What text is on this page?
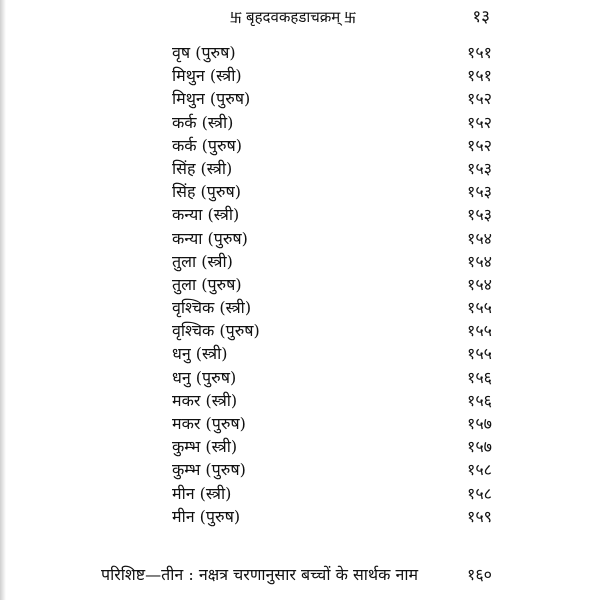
卐 बृहदवकहडाचक्रम् 卐	१३
वृष (पुरुष)	१५१
मिथुन (स्त्री)	१५१
मिथुन (पुरुष)	१५२
कर्क (स्त्री)	१५२
कर्क (पुरुष)	१५२
सिंह (स्त्री)	१५३
सिंह (पुरुष)	१५३
कन्या (स्त्री)	१५३
कन्या (पुरुष)	१५४
तुला (स्त्री)	१५४
तुला (पुरुष)	१५४
वृश्चिक (स्त्री)	१५५
वृश्चिक (पुरुष)	१५५
धनु (स्त्री)	१५५
धनु (पुरुष)	१५६
मकर (स्त्री)	१५६
मकर (पुरुष)	१५७
कुम्भ (स्त्री)	१५७
कुम्भ (पुरुष)	१५८
मीन (स्त्री)	१५८
मीन (पुरुष)	१५९
परिशिष्ट—तीन : नक्षत्र चरणानुसार बच्चों के सार्थक नाम	१६०
